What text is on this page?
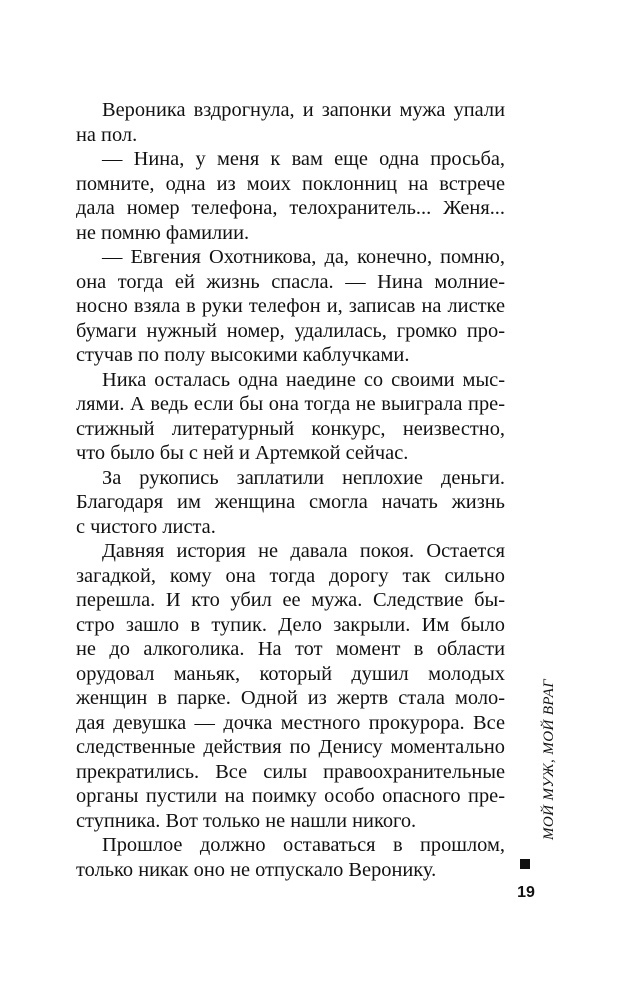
Вероника вздрогнула, и запонки мужа упали
на пол.
— Нина, у меня к вам еще одна просьба,
помните, одна из моих поклонниц на встрече
дала номер телефона, телохранитель... Женя...
не помню фамилии.
— Евгения Охотникова, да, конечно, помню,
она тогда ей жизнь спасла. — Нина молние-
носно взяла в руки телефон и, записав на листке
бумаги нужный номер, удалилась, громко про-
стучав по полу высокими каблучками.
Ника осталась одна наедине со своими мыс-
лями. А ведь если бы она тогда не выиграла пре-
стижный литературный конкурс, неизвестно,
что было бы с ней и Артемкой сейчас.
За рукопись заплатили неплохие деньги.
Благодаря им женщина смогла начать жизнь
с чистого листа.
Давняя история не давала покоя. Остается
загадкой, кому она тогда дорогу так сильно
перешла. И кто убил ее мужа. Следствие бы-
стро зашло в тупик. Дело закрыли. Им было
не до алкоголика. На тот момент в области
орудовал маньяк, который душил молодых
женщин в парке. Одной из жертв стала моло-
дая девушка — дочка местного прокурора. Все
следственные действия по Денису моментально
прекратились. Все силы правоохранительные
органы пустили на поимку особо опасного пре-
ступника. Вот только не нашли никого.
Прошлое должно оставаться в прошлом,
только никак оно не отпускало Веронику.
МОЙ МУЖ, МОЙ ВРАГ
19
